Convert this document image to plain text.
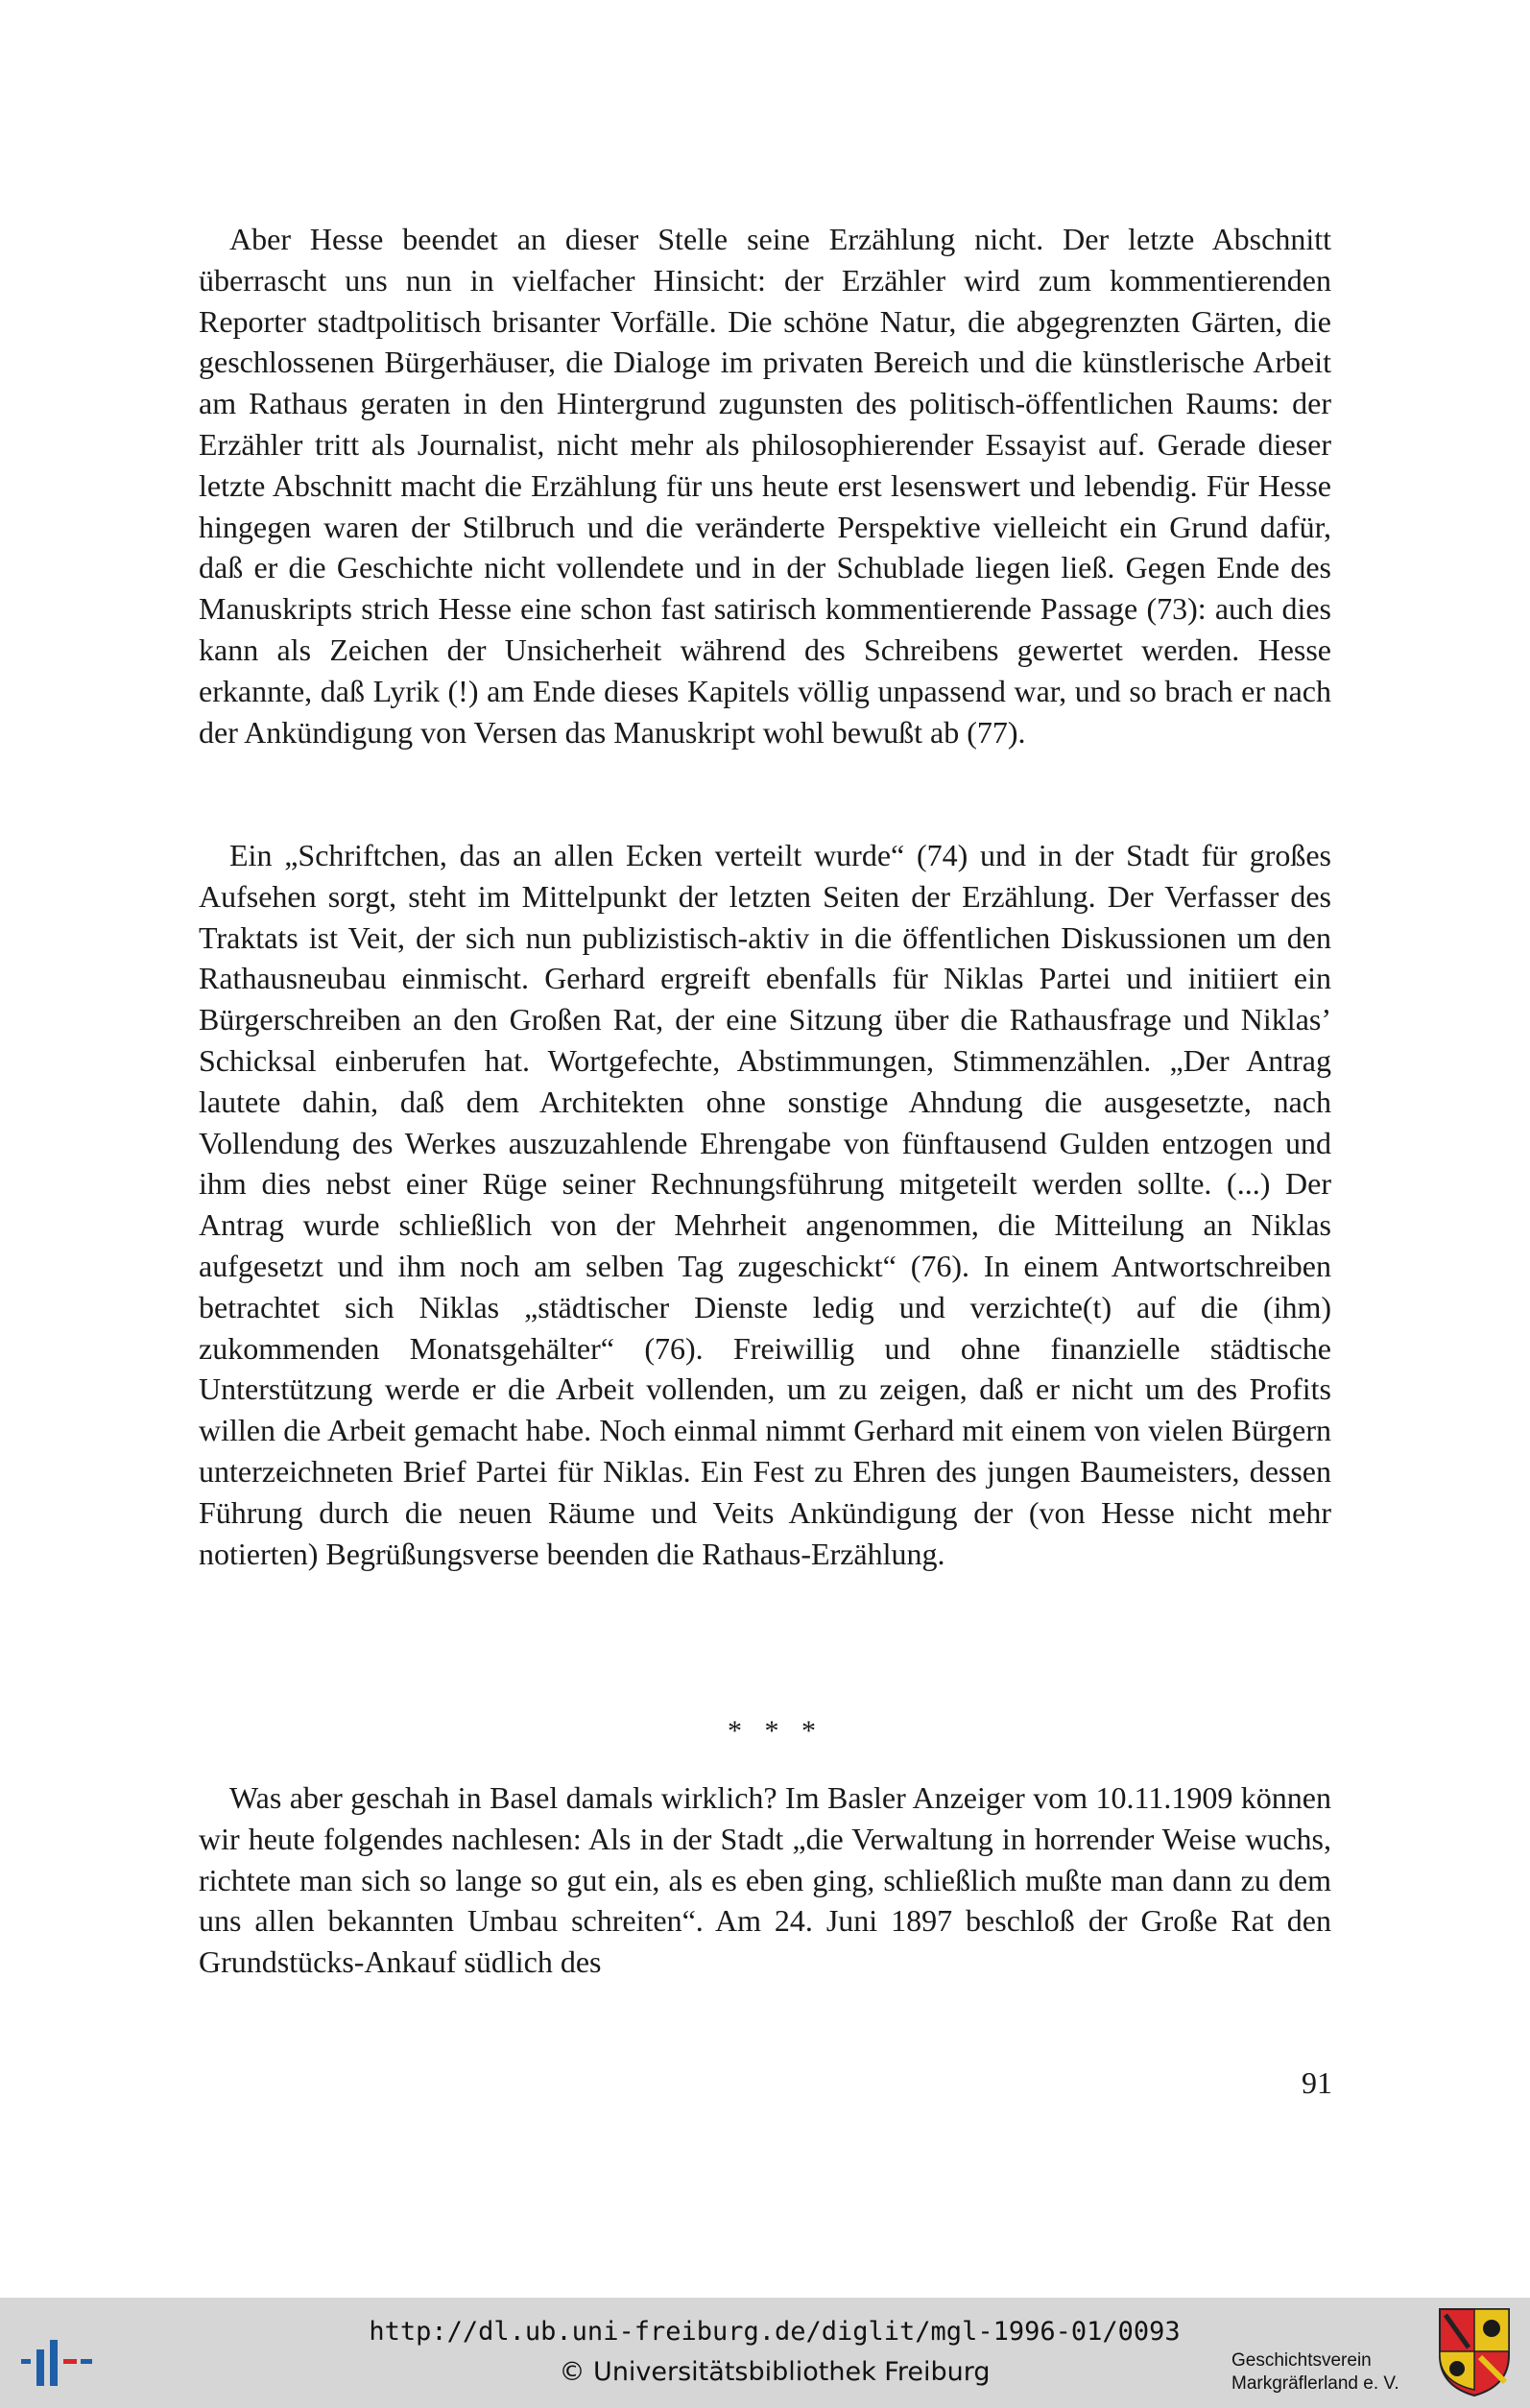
Aber Hesse beendet an dieser Stelle seine Erzählung nicht. Der letzte Abschnitt überrascht uns nun in vielfacher Hinsicht: der Erzähler wird zum kommentierenden Reporter stadtpolitisch brisanter Vorfälle. Die schöne Natur, die abgegrenzten Gärten, die geschlossenen Bürgerhäuser, die Dialoge im privaten Bereich und die künstlerische Arbeit am Rathaus geraten in den Hintergrund zugunsten des politisch-öffentlichen Raums: der Erzähler tritt als Journalist, nicht mehr als philosophierender Essayist auf. Gerade dieser letzte Abschnitt macht die Erzählung für uns heute erst lesenswert und lebendig. Für Hesse hingegen waren der Stilbruch und die veränderte Perspektive vielleicht ein Grund dafür, daß er die Geschichte nicht vollendete und in der Schublade liegen ließ. Gegen Ende des Manuskripts strich Hesse eine schon fast satirisch kommentierende Passage (73): auch dies kann als Zeichen der Unsicherheit während des Schreibens gewertet werden. Hesse erkannte, daß Lyrik (!) am Ende dieses Kapitels völlig unpassend war, und so brach er nach der Ankündigung von Versen das Manuskript wohl bewußt ab (77).

Ein „Schriftchen, das an allen Ecken verteilt wurde“ (74) und in der Stadt für großes Aufsehen sorgt, steht im Mittelpunkt der letzten Seiten der Erzählung. Der Verfasser des Traktats ist Veit, der sich nun publizistisch-aktiv in die öffentlichen Diskussionen um den Rathausneubau einmischt. Gerhard ergreift ebenfalls für Niklas Partei und initiiert ein Bürgerschreiben an den Großen Rat, der eine Sitzung über die Rathausfrage und Niklas’ Schicksal einberufen hat. Wortgefechte, Abstimmungen, Stimmenzählen. „Der Antrag lautete dahin, daß dem Architekten ohne sonstige Ahndung die ausgesetzte, nach Vollendung des Werkes auszuzahlende Ehrengabe von fünftausend Gulden entzogen und ihm dies nebst einer Rüge seiner Rechnungsführung mitgeteilt werden sollte. (...) Der Antrag wurde schließlich von der Mehrheit angenommen, die Mitteilung an Niklas aufgesetzt und ihm noch am selben Tag zugeschickt“ (76). In einem Antwortschreiben betrachtet sich Niklas „städtischer Dienste ledig und verzichte(t) auf die (ihm) zukommenden Monatsgehälter“ (76). Freiwillig und ohne finanzielle städtische Unterstützung werde er die Arbeit vollenden, um zu zeigen, daß er nicht um des Profits willen die Arbeit gemacht habe. Noch einmal nimmt Gerhard mit einem von vielen Bürgern unterzeichneten Brief Partei für Niklas. Ein Fest zu Ehren des jungen Baumeisters, dessen Führung durch die neuen Räume und Veits Ankündigung der (von Hesse nicht mehr notierten) Begrüßungsverse beenden die Rathaus-Erzählung.

* * *

Was aber geschah in Basel damals wirklich? Im Basler Anzeiger vom 10.11.1909 können wir heute folgendes nachlesen: Als in der Stadt „die Verwaltung in horrender Weise wuchs, richtete man sich so lange so gut ein, als es eben ging, schließlich mußte man dann zu dem uns allen bekannten Umbau schreiten“. Am 24. Juni 1897 beschloß der Große Rat den Grundstücks-Ankauf südlich des

91
http://dl.ub.uni-freiburg.de/diglit/mgl-1996-01/0093
© Universitätsbibliothek Freiburg	Geschichtsverein
Markgräflerland e. V.
